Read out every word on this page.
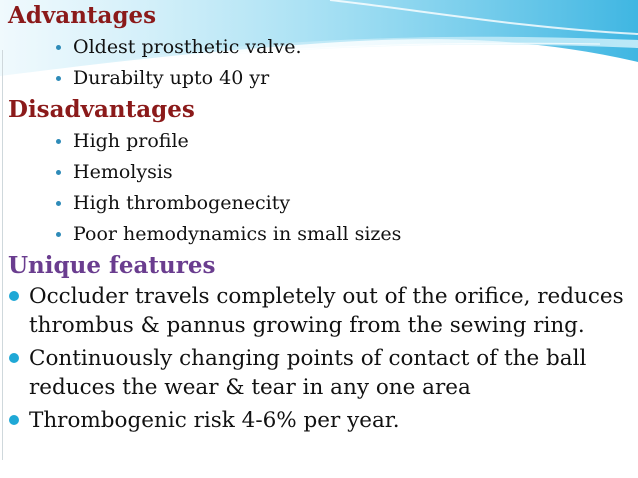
Advantages
Oldest prosthetic valve.
Durabilty upto 40 yr
Disadvantages
High profile
Hemolysis
High thrombogenecity
Poor hemodynamics in small sizes
Unique features
Occluder travels completely out of the orifice, reduces thrombus & pannus growing from the sewing ring.
Continuously changing points of contact of the ball reduces the wear & tear in any one area
Thrombogenic risk 4-6% per year.
